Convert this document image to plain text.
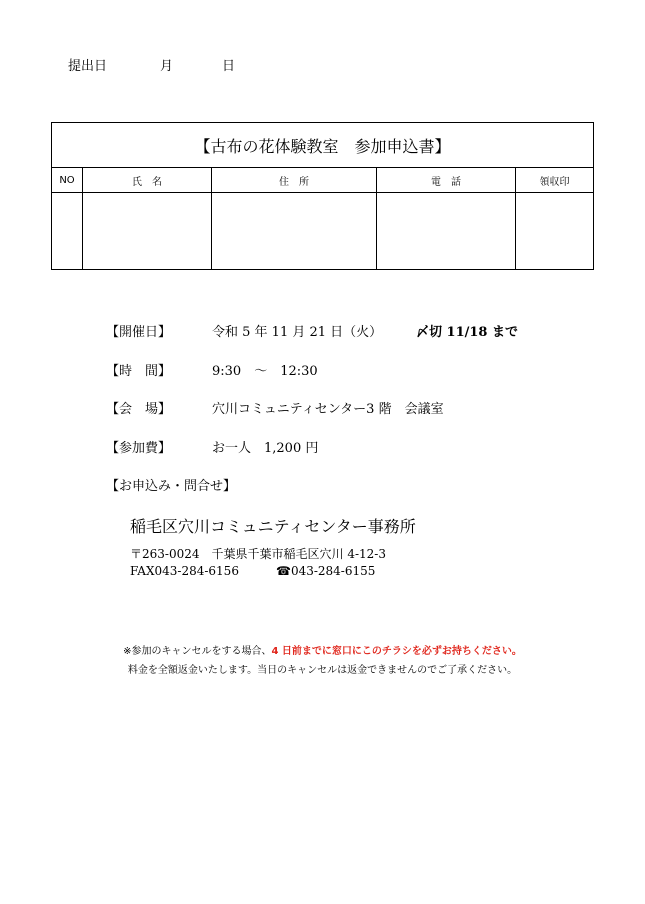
提出日	月	日
【古布の花体験教室　参加申込書】				
NO	氏　名	住　所	電　話	領収印

【開催日】	令和 5 年 11 月 21 日（火）	〆切 11/18 まで
【時　間】	9:30　～　12:30
【会　場】	穴川コミュニティセンター3 階　会議室
【参加費】	お一人　1,200 円
【お申込み・問合せ】
稲毛区穴川コミュニティセンター事務所
〒263-0024　千葉県千葉市稲毛区穴川 4-12-3
FAX043-284-6156	☎043-284-6155
※参加のキャンセルをする場合、4 日前までに窓口にこのチラシを必ずお持ちください。
料金を全額返金いたします。当日のキャンセルは返金できませんのでご了承ください。
